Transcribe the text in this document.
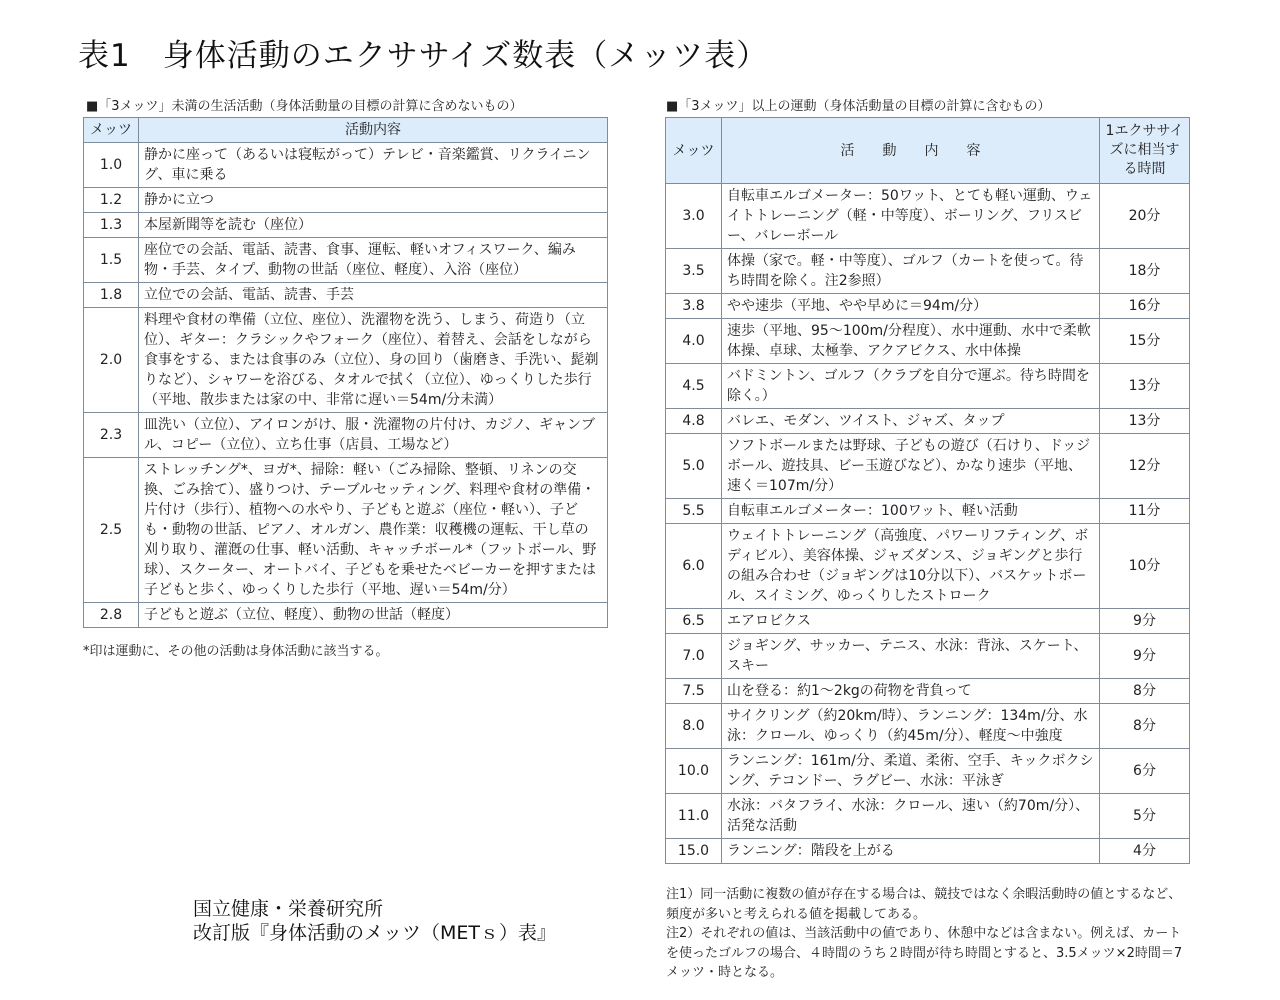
表1　身体活動のエクササイズ数表（メッツ表）
■「3メッツ」未満の生活活動（身体活動量の目標の計算に含めないもの）
メッツ	活動内容
1.0	静かに座って（あるいは寝転がって）テレビ・音楽鑑賞、リクライニング、車に乗る
1.2	静かに立つ
1.3	本屋新聞等を読む（座位）
1.5	座位での会話、電話、読書、食事、運転、軽いオフィスワーク、編み物・手芸、タイプ、動物の世話（座位、軽度）、入浴（座位）
1.8	立位での会話、電話、読書、手芸
2.0	料理や食材の準備（立位、座位）、洗濯物を洗う、しまう、荷造り（立位）、ギター：クラシックやフォーク（座位）、着替え、会話をしながら食事をする、または食事のみ（立位）、身の回り（歯磨き、手洗い、髭剃りなど）、シャワーを浴びる、タオルで拭く（立位）、ゆっくりした歩行（平地、散歩または家の中、非常に遅い＝54m/分未満）
2.3	皿洗い（立位）、アイロンがけ、服・洗濯物の片付け、カジノ、ギャンブル、コピー（立位）、立ち仕事（店員、工場など）
2.5	ストレッチング*、ヨガ*、掃除：軽い（ごみ掃除、整頓、リネンの交換、ごみ捨て）、盛りつけ、テーブルセッティング、料理や食材の準備・片付け（歩行）、植物への水やり、子どもと遊ぶ（座位・軽い）、子ども・動物の世話、ピアノ、オルガン、農作業：収穫機の運転、干し草の刈り取り、灌漑の仕事、軽い活動、キャッチボール*（フットボール、野球）、スクーター、オートバイ、子どもを乗せたベビーカーを押すまたは子どもと歩く、ゆっくりした歩行（平地、遅い＝54m/分）
2.8	子どもと遊ぶ（立位、軽度）、動物の世話（軽度）
*印は運動に、その他の活動は身体活動に該当する。
■「3メッツ」以上の運動（身体活動量の目標の計算に含むもの）
メッツ	活　　動　　内　　容	1エクササイズに相当する時間
3.0	自転車エルゴメーター：50ワット、とても軽い運動、ウェイトトレーニング（軽・中等度）、ボーリング、フリスビー、バレーボール	20分
3.5	体操（家で。軽・中等度）、ゴルフ（カートを使って。待ち時間を除く。注2参照）	18分
3.8	やや速歩（平地、やや早めに＝94m/分）	16分
4.0	速歩（平地、95～100m/分程度）、水中運動、水中で柔軟体操、卓球、太極拳、アクアビクス、水中体操	15分
4.5	バドミントン、ゴルフ（クラブを自分で運ぶ。待ち時間を除く。）	13分
4.8	バレエ、モダン、ツイスト、ジャズ、タップ	13分
5.0	ソフトボールまたは野球、子どもの遊び（石けり、ドッジボール、遊技具、ビー玉遊びなど）、かなり速歩（平地、速く＝107m/分）	12分
5.5	自転車エルゴメーター：100ワット、軽い活動	11分
6.0	ウェイトトレーニング（高強度、パワーリフティング、ボディビル）、美容体操、ジャズダンス、ジョギングと歩行の組み合わせ（ジョギングは10分以下）、バスケットボール、スイミング、ゆっくりしたストローク	10分
6.5	エアロビクス	9分
7.0	ジョギング、サッカー、テニス、水泳：背泳、スケート、スキー	9分
7.5	山を登る：約1～2kgの荷物を背負って	8分
8.0	サイクリング（約20km/時）、ランニング：134m/分、水泳：クロール、ゆっくり（約45m/分）、軽度～中強度	8分
10.0	ランニング：161m/分、柔道、柔術、空手、キックボクシング、テコンドー、ラグビー、水泳：平泳ぎ	6分
11.0	水泳：バタフライ、水泳：クロール、速い（約70m/分）、活発な活動	5分
15.0	ランニング：階段を上がる	4分
注1）同一活動に複数の値が存在する場合は、競技ではなく余暇活動時の値とするなど、頻度が多いと考えられる値を掲載してある。
注2）それぞれの値は、当該活動中の値であり、休憩中などは含まない。例えば、カートを使ったゴルフの場合、４時間のうち２時間が待ち時間とすると、3.5メッツ×2時間＝7メッツ・時となる。
国立健康・栄養研究所
改訂版『身体活動のメッツ（METｓ）表』
